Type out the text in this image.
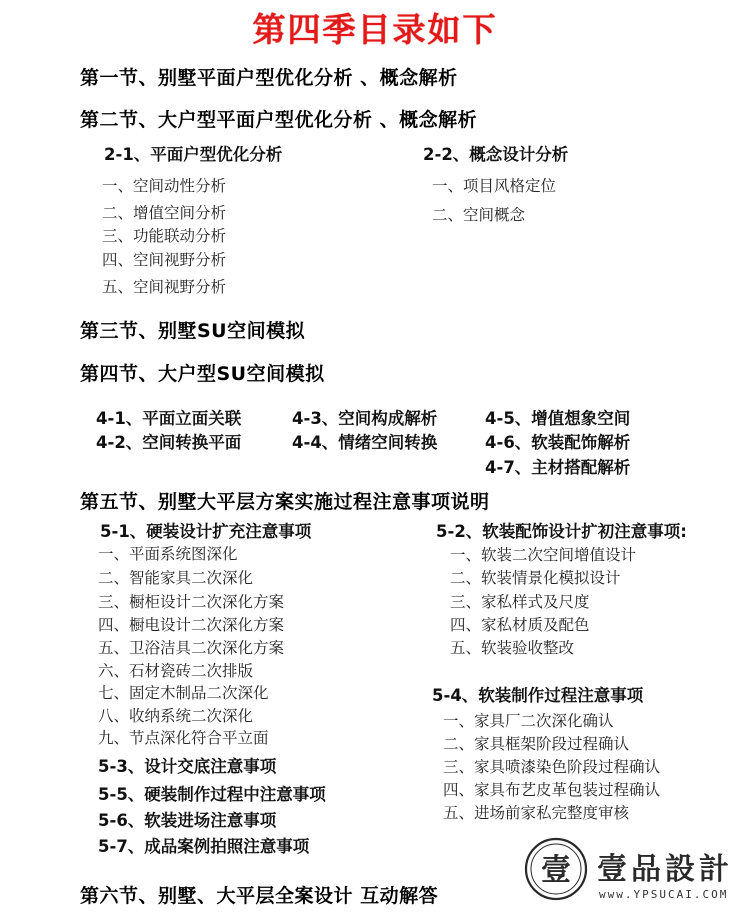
第四季目录如下
第一节、别墅平面户型优化分析 、概念解析
第二节、大户型平面户型优化分析 、概念解析
2-1、平面户型优化分析
一、空间动性分析
二、增值空间分析
三、功能联动分析
四、空间视野分析
五、空间视野分析
2-2、概念设计分析
一、项目风格定位
二、空间概念
第三节、别墅SU空间模拟
第四节、大户型SU空间模拟
4-1、平面立面关联
4-2、空间转换平面
4-3、空间构成解析
4-4、情绪空间转换
4-5、增值想象空间
4-6、软装配饰解析
4-7、主材搭配解析
第五节、别墅大平层方案实施过程注意事项说明
5-1、硬装设计扩充注意事项
一、平面系统图深化
二、智能家具二次深化
三、橱柜设计二次深化方案
四、橱电设计二次深化方案
五、卫浴洁具二次深化方案
六、石材瓷砖二次排版
七、固定木制品二次深化
八、收纳系统二次深化
九、节点深化符合平立面
5-3、设计交底注意事项
5-5、硬装制作过程中注意事项
5-6、软装进场注意事项
5-7、成品案例拍照注意事项
5-2、软装配饰设计扩初注意事项:
一、软装二次空间增值设计
二、软装情景化模拟设计
三、家私样式及尺度
四、家私材质及配色
五、软装验收整改
5-4、软装制作过程注意事项
一、家具厂二次深化确认
二、家具框架阶段过程确认
三、家具喷漆染色阶段过程确认
四、家具布艺皮革包装过程确认
五、进场前家私完整度审核
第六节、别墅、大平层全案设计 互动解答
壹 壹品設計
www.YPSUCAI.COM
